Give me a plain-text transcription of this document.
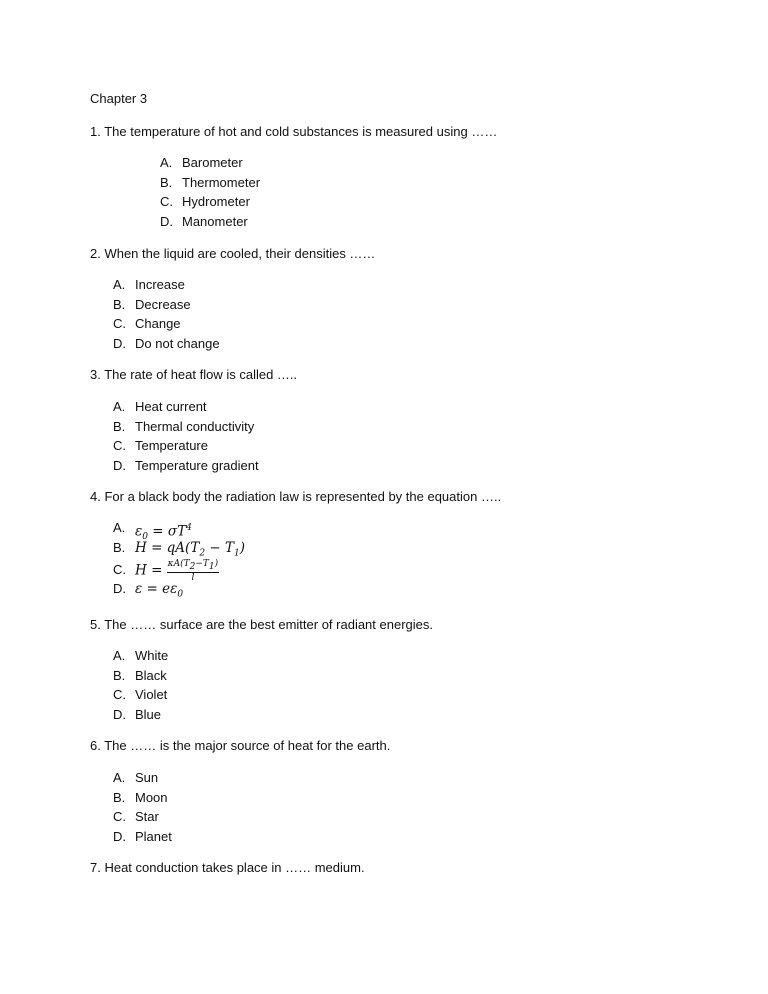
Chapter 3
1. The temperature of hot and cold substances is measured using ……
A. Barometer
B. Thermometer
C. Hydrometer
D. Manometer
2. When the liquid are cooled, their densities ……
A. Increase
B. Decrease
C. Change
D. Do not change
3. The rate of heat flow is called …..
A. Heat current
B. Thermal conductivity
C. Temperature
D. Temperature gradient
4. For a black body the radiation law is represented by the equation …..
A. $\varepsilon_0 = \sigma T^4$
B. $H = qA(T_2 - T_1)$
C. $H = \frac{\kappa A(T_2-T_1)}{l}$
D. $\varepsilon = e\varepsilon_0$
5. The …… surface are the best emitter of radiant energies.
A. White
B. Black
C. Violet
D. Blue
6. The …… is the major source of heat for the earth.
A. Sun
B. Moon
C. Star
D. Planet
7. Heat conduction takes place in …… medium.
